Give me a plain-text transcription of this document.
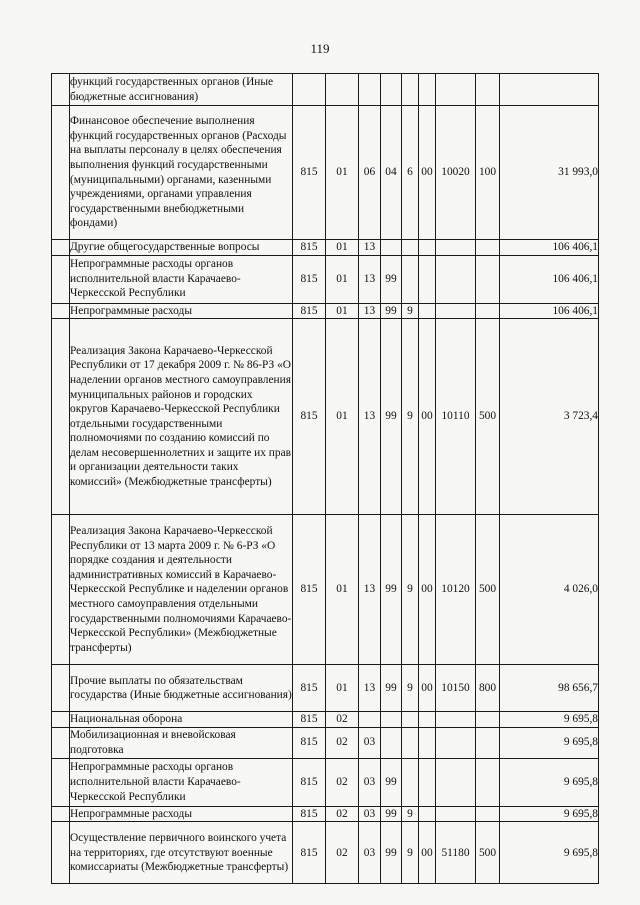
119
	функций государственных органов (Иные бюджетные ассигнования)									
	Финансовое обеспечение выполнения функций государственных органов (Расходы на выплаты персоналу в целях обеспечения выполнения функций государственными (муниципальными) органами, казенными учреждениями, органами управления государственными внебюджетными фондами)	815	01	06	04	6	00	10020	100	31 993,0
	Другие общегосударственные вопросы	815	01	13						106 406,1
	Непрограммные расходы органов исполнительной власти Карачаево-Черкесской Республики	815	01	13	99					106 406,1
	Непрограммные расходы	815	01	13	99	9				106 406,1
	Реализация Закона Карачаево-Черкесской Республики от 17 декабря 2009 г. № 86-РЗ «О наделении органов местного самоуправления муниципальных районов и городских округов Карачаево-Черкесской Республики отдельными государственными полномочиями по созданию комиссий по делам несовершеннолетних и защите их прав и организации деятельности таких комиссий» (Межбюджетные трансферты)	815	01	13	99	9	00	10110	500	3 723,4
	Реализация Закона Карачаево-Черкесской Республики от 13 марта 2009 г. № 6-РЗ «О порядке создания и деятельности административных комиссий в Карачаево-Черкесской Республике и наделении органов местного самоуправления отдельными государственными полномочиями Карачаево-Черкесской Республики» (Межбюджетные трансферты)	815	01	13	99	9	00	10120	500	4 026,0
	Прочие выплаты по обязательствам государства (Иные бюджетные ассигнования)	815	01	13	99	9	00	10150	800	98 656,7
	Национальная оборона	815	02							9 695,8
	Мобилизационная и вневойсковая подготовка	815	02	03						9 695,8
	Непрограммные расходы органов исполнительной власти Карачаево-Черкесской Республики	815	02	03	99					9 695,8
	Непрограммные расходы	815	02	03	99	9				9 695,8
	Осуществление первичного воинского учета на территориях, где отсутствуют военные комиссариаты (Межбюджетные трансферты)	815	02	03	99	9	00	51180	500	9 695,8
